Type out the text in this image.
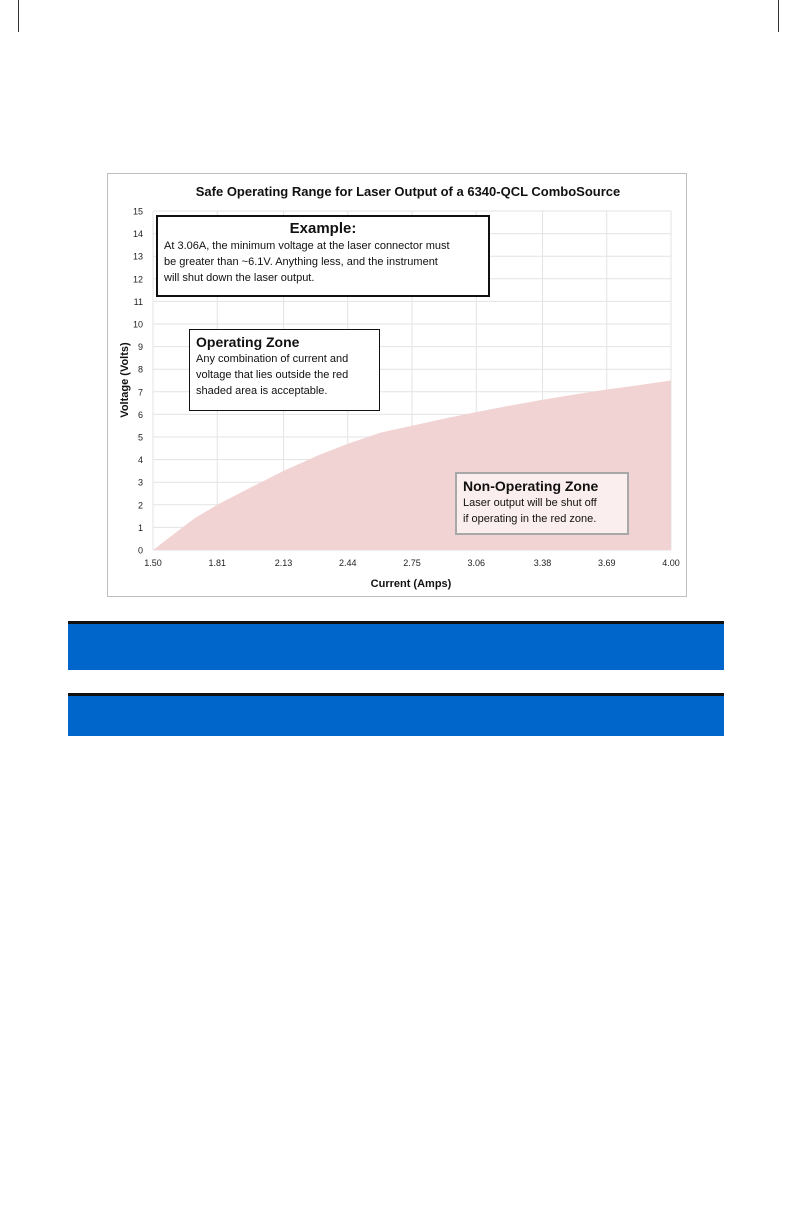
0
1
2
3
4
5
6
7
8
9
10
11
12
13
14
15
1.50	1.81	2.13	2.44	2.75	3.06	3.38	3.69	4.00
Safe Operating Range for Laser Output of a 6340-QCL ComboSource
Current (Amps)
Voltage (Volts)
Example:
At 3.06A, the minimum voltage at the laser connector must
be greater than ~6.1V. Anything less, and the instrument
will shut down the laser output.
Operating Zone
Any combination of current and
voltage that lies outside the red
shaded area is acceptable.
Non-Operating Zone
Laser output will be shut off
if operating in the red zone.
